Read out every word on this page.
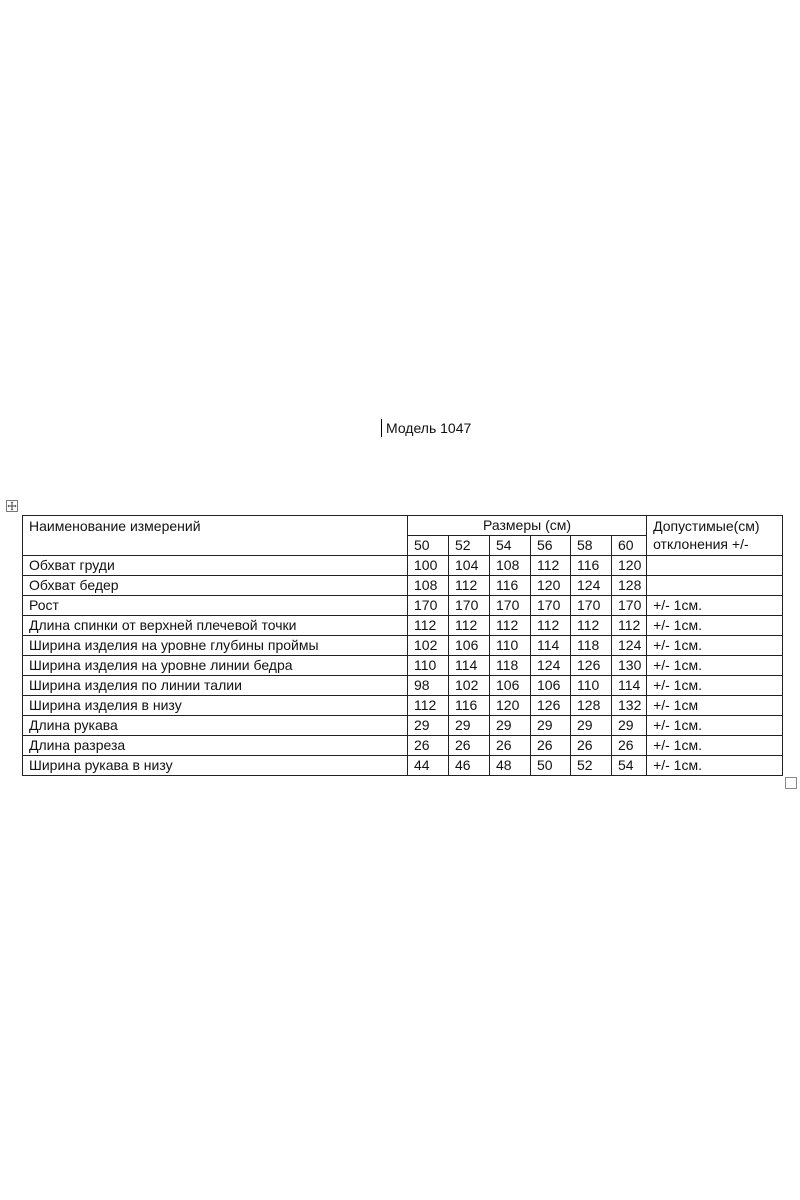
Модель 1047
Наименование измерений	Размеры (см)						Допустимые(см)
отклонения +/-

	50	52	54	56	58	60	
Обхват груди	100	104	108	112	116	120	
Обхват бедер	108	112	116	120	124	128	
Рост	170	170	170	170	170	170	+/- 1см.
Длина спинки от верхней плечевой точки	112	112	112	112	112	112	+/- 1см.
Ширина изделия на уровне глубины проймы	102	106	110	114	118	124	+/- 1см.
Ширина изделия на уровне линии бедра	110	114	118	124	126	130	+/- 1см.
Ширина изделия по линии талии	98	102	106	106	110	114	+/- 1см.
Ширина изделия в низу	112	116	120	126	128	132	+/- 1см
Длина рукава	29	29	29	29	29	29	+/- 1см.
Длина разреза	26	26	26	26	26	26	+/- 1см.
Ширина рукава в низу	44	46	48	50	52	54	+/- 1см.
